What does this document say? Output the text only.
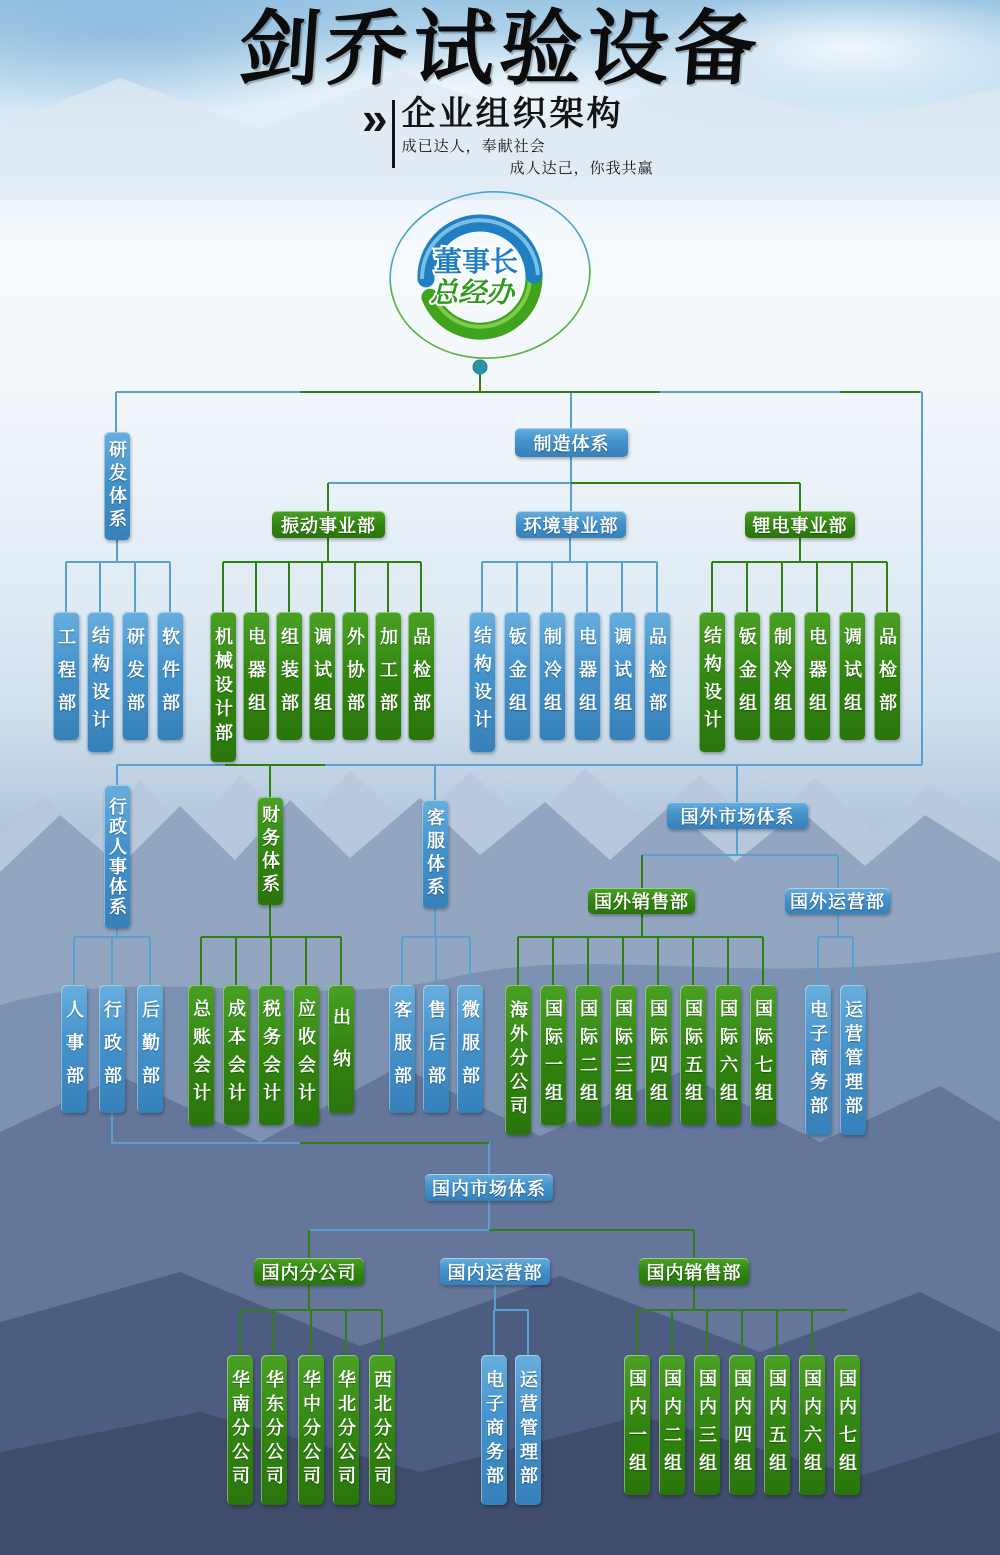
剑乔试验设备
» 企业组织架构
成已达人，奉献社会
成人达己，你我共赢
董事长
总经办
研发体系	制造体系
振动事业部	环境事业部	锂电事业部
工程部 结构设计 研发部 软件部 机械设计部 电器组 组装部 调试组 外协部 加工部 品检部 结构设计 钣金组 制冷组 电器组 调试组 品检部 结构设计 钣金组 制冷组 电器组 调试组 品检部
行政人事体系	财务体系	客服体系	国外市场体系
国外销售部	国外运营部
人事部 行政部 后勤部 总账会计 成本会计 税务会计 应收会计 出纳 客服部 售后部 微服部 海外分公司 国际一组 国际二组 国际三组 国际四组 国际五组 国际六组 国际七组 电子商务部 运营管理部
国内市场体系
国内分公司	国内运营部	国内销售部
华南分公司 华东分公司 华中分公司 华北分公司 西北分公司	电子商务部 运营管理部	国内一组 国内二组 国内三组 国内四组 国内五组 国内六组 国内七组
